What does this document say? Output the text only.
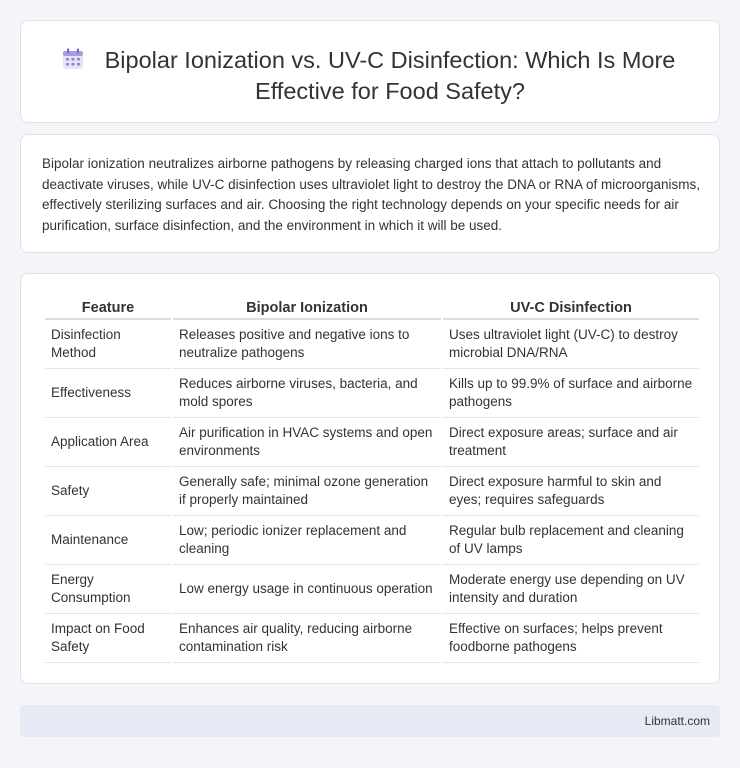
Bipolar Ionization vs. UV-C Disinfection: Which Is More Effective for Food Safety?

Bipolar ionization neutralizes airborne pathogens by releasing charged ions that attach to pollutants and deactivate viruses, while UV-C disinfection uses ultraviolet light to destroy the DNA or RNA of microorganisms, effectively sterilizing surfaces and air. Choosing the right technology depends on your specific needs for air purification, surface disinfection, and the environment in which it will be used.

Feature	Bipolar Ionization	UV-C Disinfection
Disinfection Method	Releases positive and negative ions to neutralize pathogens	Uses ultraviolet light (UV-C) to destroy microbial DNA/RNA
Effectiveness	Reduces airborne viruses, bacteria, and mold spores	Kills up to 99.9% of surface and airborne pathogens
Application Area	Air purification in HVAC systems and open environments	Direct exposure areas; surface and air treatment
Safety	Generally safe; minimal ozone generation if properly maintained	Direct exposure harmful to skin and eyes; requires safeguards
Maintenance	Low; periodic ionizer replacement and cleaning	Regular bulb replacement and cleaning of UV lamps
Energy Consumption	Low energy usage in continuous operation	Moderate energy use depending on UV intensity and duration
Impact on Food Safety	Enhances air quality, reducing airborne contamination risk	Effective on surfaces; helps prevent foodborne pathogens
Libmatt.com
